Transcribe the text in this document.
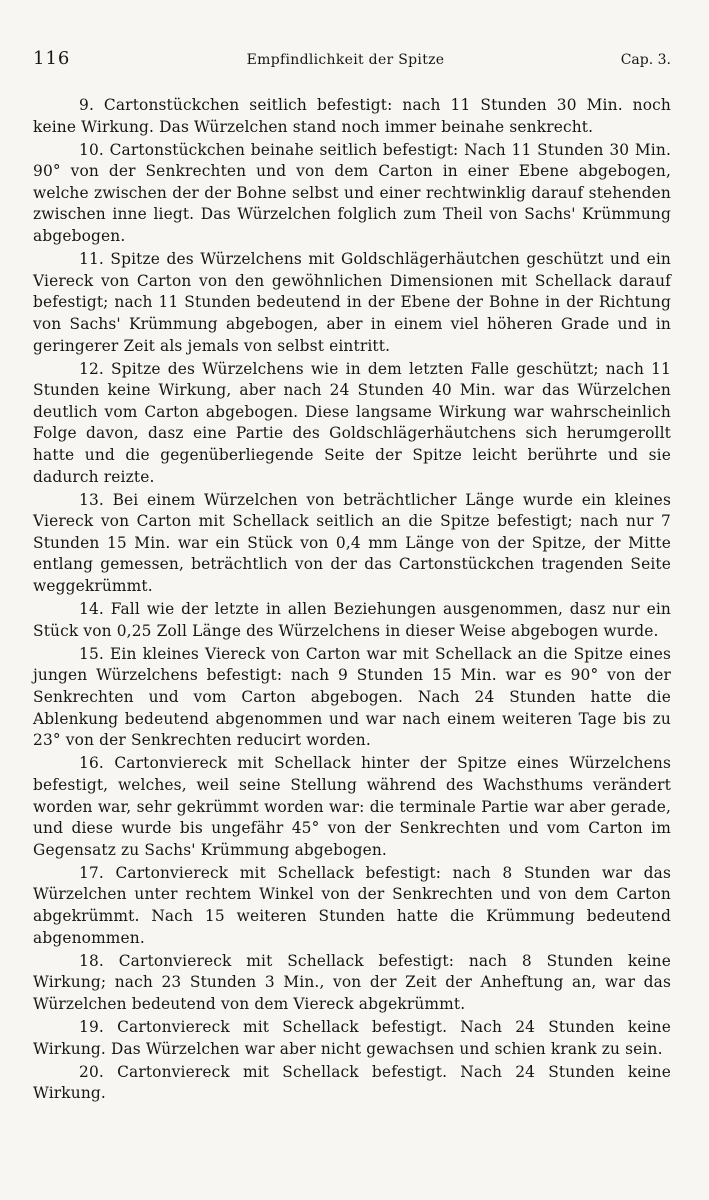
116	Empfindlichkeit der Spitze	Cap. 3.

9. Cartonstückchen seitlich befestigt: nach 11 Stunden 30 Min. noch keine Wirkung. Das Würzelchen stand noch immer beinahe senkrecht.

10. Cartonstückchen beinahe seitlich befestigt: Nach 11 Stunden 30 Min. 90° von der Senkrechten und von dem Carton in einer Ebene abgebogen, welche zwischen der der Bohne selbst und einer rechtwinklig darauf stehenden zwischen inne liegt. Das Würzelchen folglich zum Theil von Sachs' Krümmung abgebogen.

11. Spitze des Würzelchens mit Goldschlägerhäutchen geschützt und ein Viereck von Carton von den gewöhnlichen Dimensionen mit Schellack darauf befestigt; nach 11 Stunden bedeutend in der Ebene der Bohne in der Richtung von Sachs' Krümmung abgebogen, aber in einem viel höheren Grade und in geringerer Zeit als jemals von selbst eintritt.

12. Spitze des Würzelchens wie in dem letzten Falle geschützt; nach 11 Stunden keine Wirkung, aber nach 24 Stunden 40 Min. war das Würzelchen deutlich vom Carton abgebogen. Diese langsame Wirkung war wahrscheinlich Folge davon, dasz eine Partie des Goldschlägerhäutchens sich herumgerollt hatte und die gegenüberliegende Seite der Spitze leicht berührte und sie dadurch reizte.

13. Bei einem Würzelchen von beträchtlicher Länge wurde ein kleines Viereck von Carton mit Schellack seitlich an die Spitze befestigt; nach nur 7 Stunden 15 Min. war ein Stück von 0,4 mm Länge von der Spitze, der Mitte entlang gemessen, beträchtlich von der das Cartonstückchen tragenden Seite weggekrümmt.

14. Fall wie der letzte in allen Beziehungen ausgenommen, dasz nur ein Stück von 0,25 Zoll Länge des Würzelchens in dieser Weise abgebogen wurde.

15. Ein kleines Viereck von Carton war mit Schellack an die Spitze eines jungen Würzelchens befestigt: nach 9 Stunden 15 Min. war es 90° von der Senkrechten und vom Carton abgebogen. Nach 24 Stunden hatte die Ablenkung bedeutend abgenommen und war nach einem weiteren Tage bis zu 23° von der Senkrechten reducirt worden.

16. Cartonviereck mit Schellack hinter der Spitze eines Würzelchens befestigt, welches, weil seine Stellung während des Wachsthums verändert worden war, sehr gekrümmt worden war: die terminale Partie war aber gerade, und diese wurde bis ungefähr 45° von der Senkrechten und vom Carton im Gegensatz zu Sachs' Krümmung abgebogen.

17. Cartonviereck mit Schellack befestigt: nach 8 Stunden war das Würzelchen unter rechtem Winkel von der Senkrechten und von dem Carton abgekrümmt. Nach 15 weiteren Stunden hatte die Krümmung bedeutend abgenommen.

18. Cartonviereck mit Schellack befestigt: nach 8 Stunden keine Wirkung; nach 23 Stunden 3 Min., von der Zeit der Anheftung an, war das Würzelchen bedeutend von dem Viereck abgekrümmt.

19. Cartonviereck mit Schellack befestigt. Nach 24 Stunden keine Wirkung. Das Würzelchen war aber nicht gewachsen und schien krank zu sein.

20. Cartonviereck mit Schellack befestigt. Nach 24 Stunden keine Wirkung.
